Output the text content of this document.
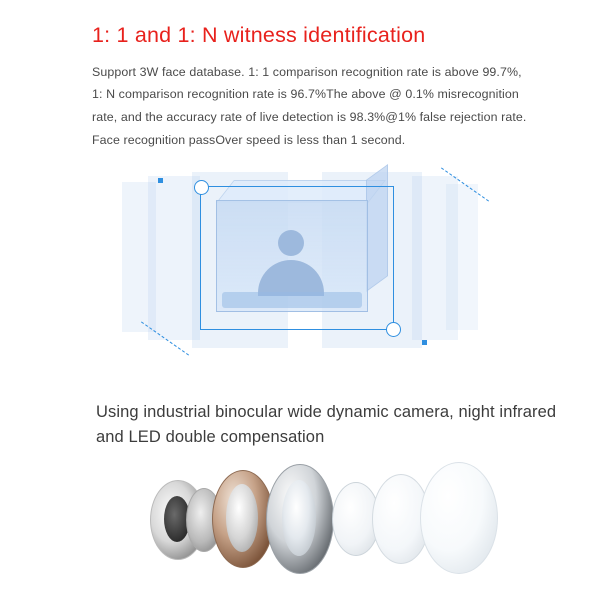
1: 1 and 1: N witness identification

Support 3W face database. 1: 1 comparison recognition rate is above 99.7%, 1: N comparison recognition rate is 96.7%The above @ 0.1% misrecognition rate, and the accuracy rate of live detection is 98.3%@1% false rejection rate. Face recognition passOver speed is less than 1 second.

Using industrial binocular wide dynamic camera, night infrared and LED double compensation
